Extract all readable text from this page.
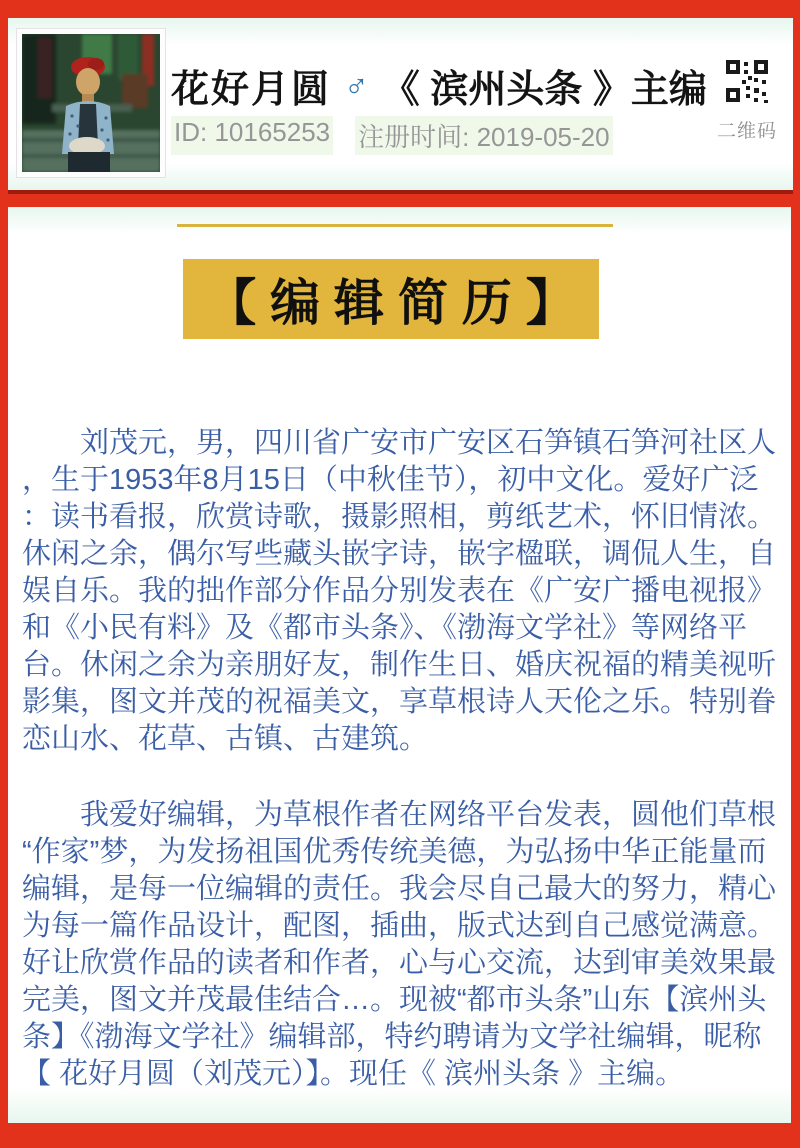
花好月圆 ♂ 《 滨州头条 》主编
ID: 10165253 注册时间: 2019-05-20	二维码
【 编 辑 简 历 】
　　刘茂元，男，四川省广安市广安区石笋镇石笋河社区人
，生于1953年8月15日（中秋佳节），初中文化。爱好广泛
：读书看报，欣赏诗歌，摄影照相，剪纸艺术，怀旧情浓。
休闲之余，偶尔写些藏头嵌字诗，嵌字楹联，调侃人生，自
娱自乐。我的拙作部分作品分别发表在《广安广播电视报》
和《小民有料》及《都市头条》、《渤海文学社》等网络平
台。休闲之余为亲朋好友，制作生日、婚庆祝福的精美视听
影集，图文并茂的祝福美文，享草根诗人天伦之乐。特别眷
恋山水、花草、古镇、古建筑。
　　我爱好编辑，为草根作者在网络平台发表，圆他们草根
“作家”梦，为发扬祖国优秀传统美德，为弘扬中华正能量而
编辑，是每一位编辑的责任。我会尽自己最大的努力，精心
为每一篇作品设计，配图，插曲，版式达到自己感觉满意。
好让欣赏作品的读者和作者，心与心交流，达到审美效果最
完美，图文并茂最佳结合…。现被“都市头条”山东【滨州头
条】《渤海文学社》编辑部，特约聘请为文学社编辑，昵称
【 花好月圆（刘茂元）】。现任《 滨州头条 》主编。
